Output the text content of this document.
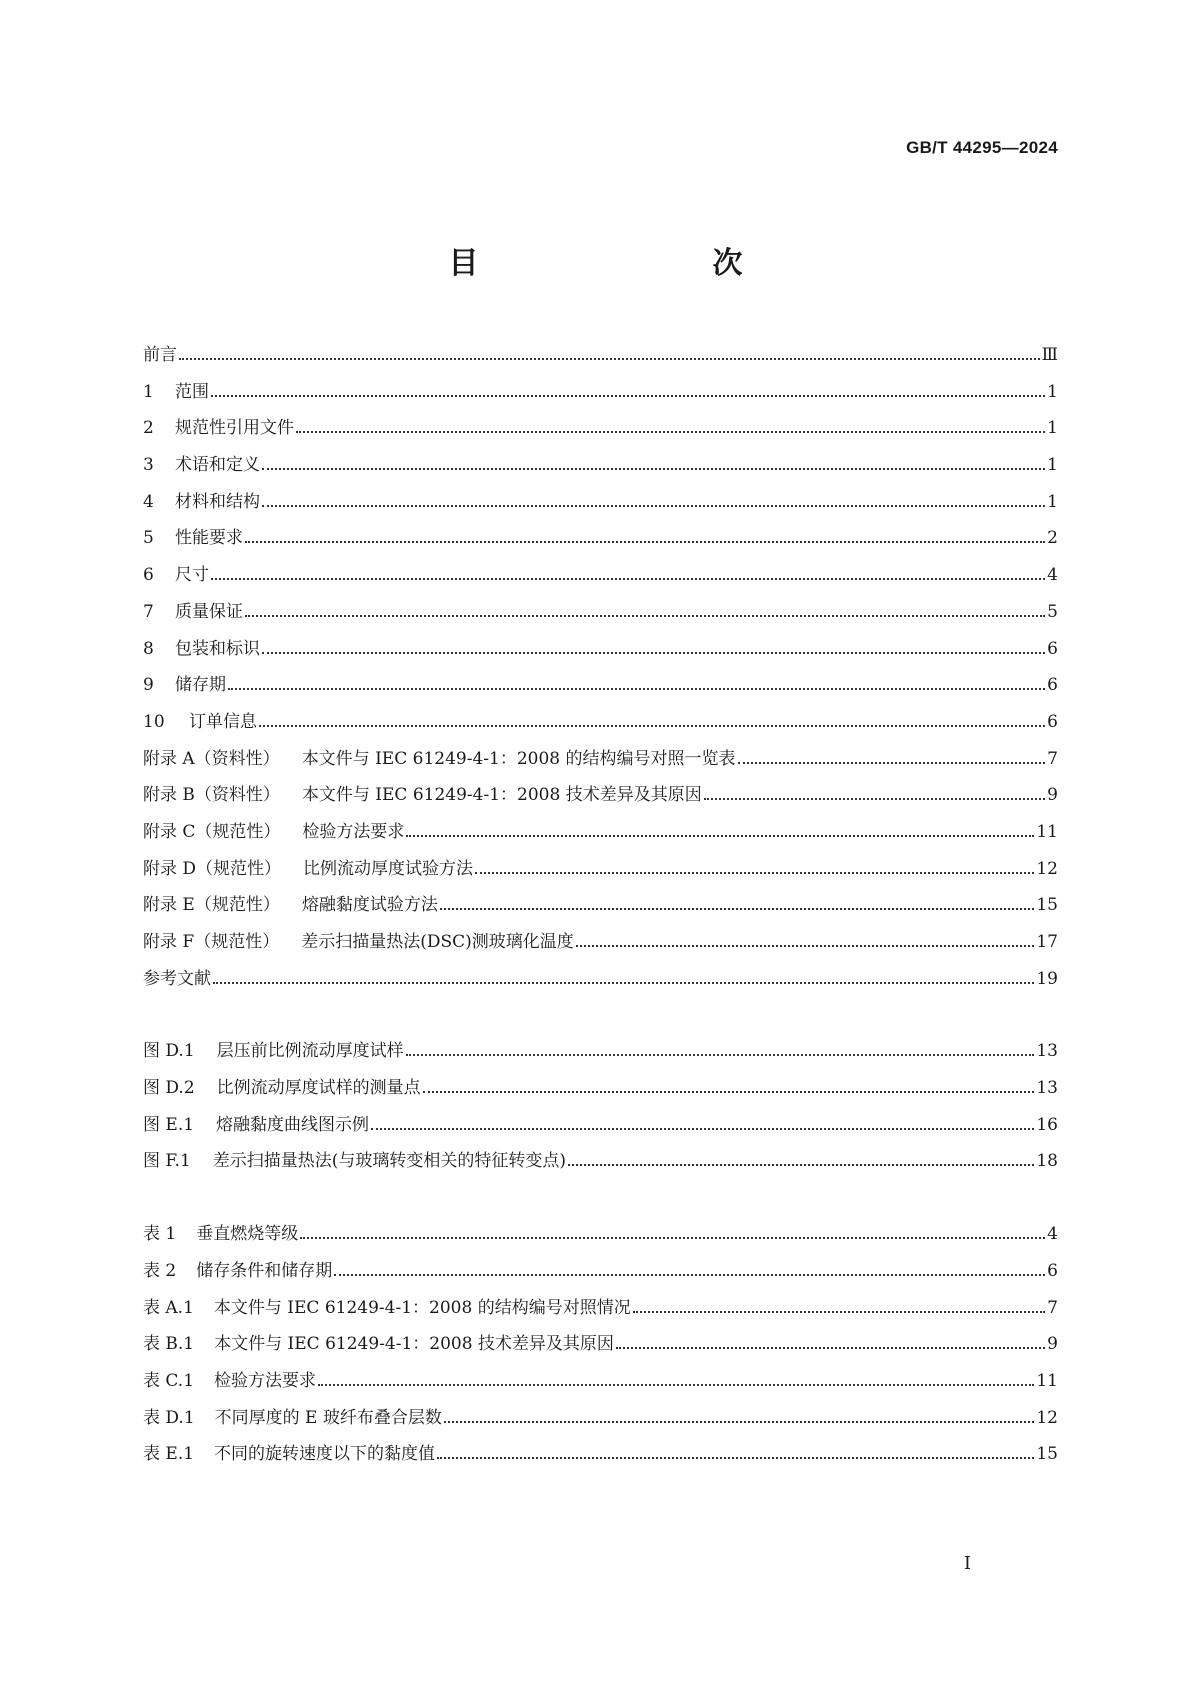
GB/T 44295—2024
目　　次
前言	Ⅲ
1	范围	1
2	规范性引用文件	1
3	术语和定义	1
4	材料和结构	1
5	性能要求	2
6	尺寸	4
7	质量保证	5
8	包装和标识	6
9	储存期	6
10	订单信息	6
附录 A（资料性）	本文件与 IEC 61249-4-1：2008 的结构编号对照一览表	7
附录 B（资料性）	本文件与 IEC 61249-4-1：2008 技术差异及其原因	9
附录 C（规范性）	检验方法要求	11
附录 D（规范性）	比例流动厚度试验方法	12
附录 E（规范性）	熔融黏度试验方法	15
附录 F（规范性）	差示扫描量热法(DSC)测玻璃化温度	17
参考文献	19
图 D.1	层压前比例流动厚度试样	13
图 D.2	比例流动厚度试样的测量点	13
图 E.1	熔融黏度曲线图示例	16
图 F.1	差示扫描量热法(与玻璃转变相关的特征转变点)	18
表 1	垂直燃烧等级	4
表 2	储存条件和储存期	6
表 A.1	本文件与 IEC 61249-4-1：2008 的结构编号对照情况	7
表 B.1	本文件与 IEC 61249-4-1：2008 技术差异及其原因	9
表 C.1	检验方法要求	11
表 D.1	不同厚度的 E 玻纤布叠合层数	12
表 E.1	不同的旋转速度以下的黏度值	15
Ⅰ
